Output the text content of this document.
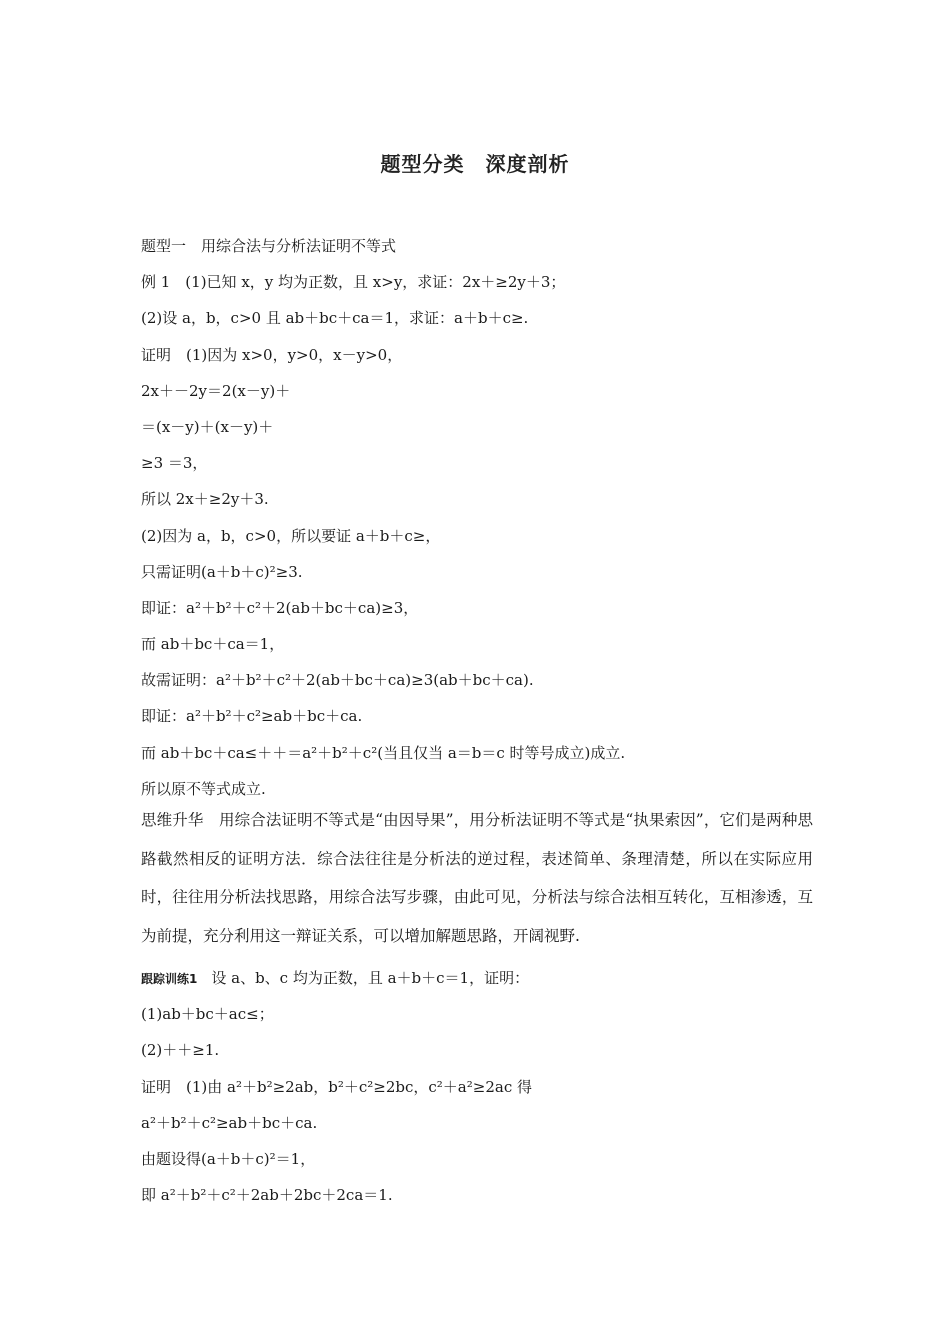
题型分类　深度剖析
题型一　用综合法与分析法证明不等式
例 1　(1)已知 x，y 均为正数，且 x>y，求证：2x＋≥2y＋3；
(2)设 a，b，c>0 且 ab＋bc＋ca＝1，求证：a＋b＋c≥.
证明　(1)因为 x>0，y>0，x－y>0，
2x＋－2y＝2(x－y)＋
＝(x－y)＋(x－y)＋
≥3 ＝3，
所以 2x＋≥2y＋3.
(2)因为 a，b，c>0，所以要证 a＋b＋c≥，
只需证明(a＋b＋c)²≥3.
即证：a²＋b²＋c²＋2(ab＋bc＋ca)≥3，
而 ab＋bc＋ca＝1，
故需证明：a²＋b²＋c²＋2(ab＋bc＋ca)≥3(ab＋bc＋ca).
即证：a²＋b²＋c²≥ab＋bc＋ca.
而 ab＋bc＋ca≤＋＋＝a²＋b²＋c²(当且仅当 a＝b＝c 时等号成立)成立.
所以原不等式成立.
思维升华　用综合法证明不等式是“由因导果”，用分析法证明不等式是“执果索因”，它们是两种思路截然相反的证明方法．综合法往往是分析法的逆过程，表述简单、条理清楚，所以在实际应用时，往往用分析法找思路，用综合法写步骤，由此可见，分析法与综合法相互转化，互相渗透，互为前提，充分利用这一辩证关系，可以增加解题思路，开阔视野.
跟踪训练1 设 a、b、c 均为正数，且 a＋b＋c＝1，证明：
(1)ab＋bc＋ac≤；
(2)＋＋≥1.
证明　(1)由 a²＋b²≥2ab，b²＋c²≥2bc，c²＋a²≥2ac 得
a²＋b²＋c²≥ab＋bc＋ca.
由题设得(a＋b＋c)²＝1，
即 a²＋b²＋c²＋2ab＋2bc＋2ca＝1.
